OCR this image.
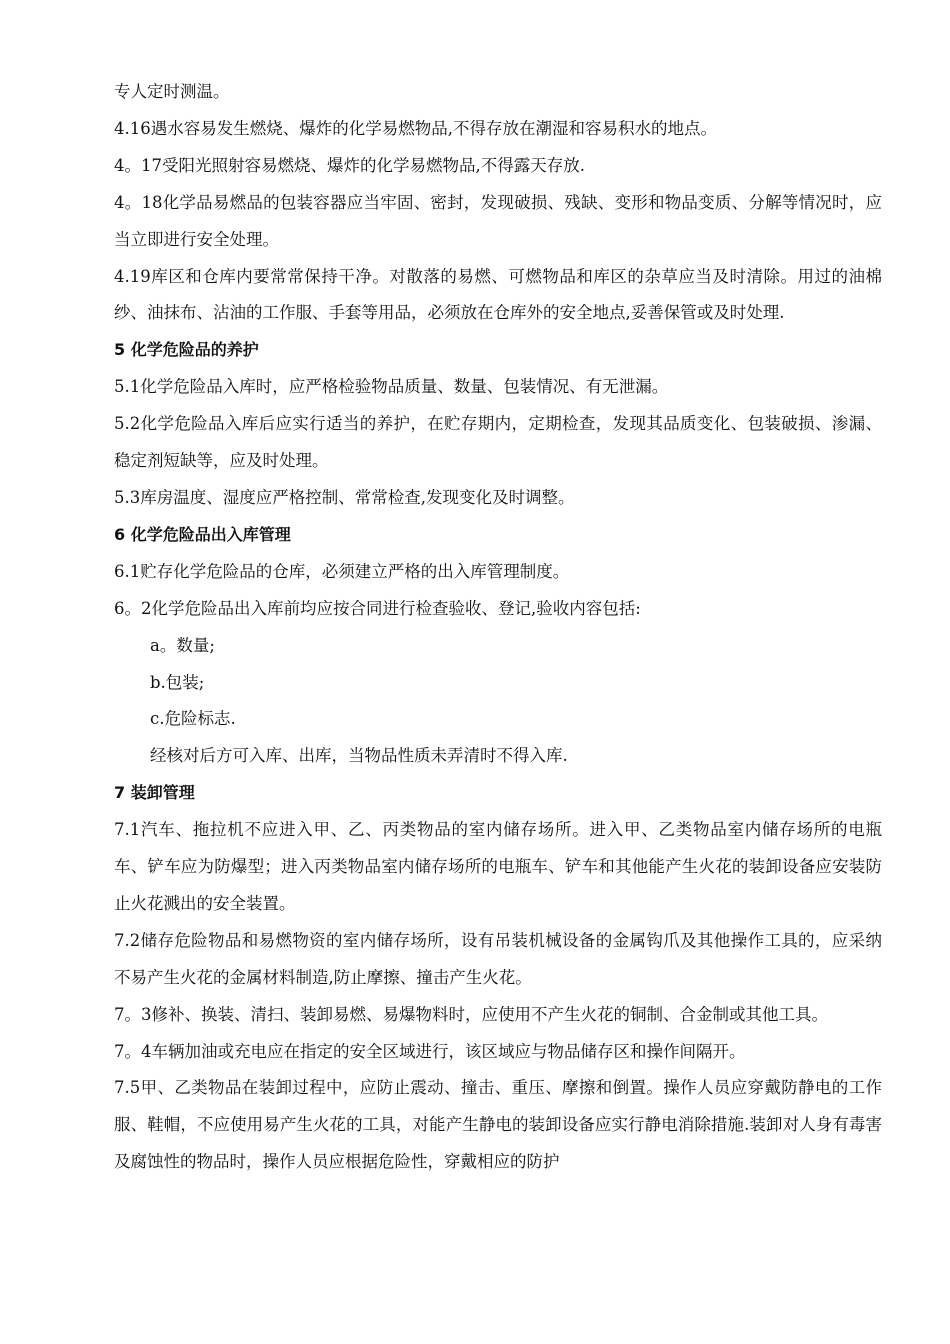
专人定时测温。

4.16遇水容易发生燃烧、爆炸的化学易燃物品,不得存放在潮湿和容易积水的地点。

4。17受阳光照射容易燃烧、爆炸的化学易燃物品,不得露天存放.

4。18化学品易燃品的包装容器应当牢固、密封，发现破损、残缺、变形和物品变质、分解等情况时，应当立即进行安全处理。

4.19库区和仓库内要常常保持干净。对散落的易燃、可燃物品和库区的杂草应当及时清除。用过的油棉纱、油抹布、沾油的工作服、手套等用品，必须放在仓库外的安全地点,妥善保管或及时处理.

5 化学危险品的养护

5.1化学危险品入库时，应严格检验物品质量、数量、包装情况、有无泄漏。

5.2化学危险品入库后应实行适当的养护，在贮存期内，定期检查，发现其品质变化、包装破损、渗漏、稳定剂短缺等，应及时处理。

5.3库房温度、湿度应严格控制、常常检查,发现变化及时调整。

6 化学危险品出入库管理

6.1贮存化学危险品的仓库，必须建立严格的出入库管理制度。

6。2化学危险品出入库前均应按合同进行检查验收、登记,验收内容包括:

a。数量;

b.包装;

c.危险标志.

经核对后方可入库、出库，当物品性质未弄清时不得入库.

7 装卸管理

7.1汽车、拖拉机不应进入甲、乙、丙类物品的室内储存场所。进入甲、乙类物品室内储存场所的电瓶车、铲车应为防爆型；进入丙类物品室内储存场所的电瓶车、铲车和其他能产生火花的装卸设备应安装防止火花溅出的安全装置。

7.2储存危险物品和易燃物资的室内储存场所，设有吊装机械设备的金属钩爪及其他操作工具的，应采纳不易产生火花的金属材料制造,防止摩擦、撞击产生火花。

7。3修补、换装、清扫、装卸易燃、易爆物料时，应使用不产生火花的铜制、合金制或其他工具。

7。4车辆加油或充电应在指定的安全区域进行，该区域应与物品储存区和操作间隔开。

7.5甲、乙类物品在装卸过程中，应防止震动、撞击、重压、摩擦和倒置。操作人员应穿戴防静电的工作服、鞋帽，不应使用易产生火花的工具，对能产生静电的装卸设备应实行静电消除措施.装卸对人身有毒害及腐蚀性的物品时，操作人员应根据危险性，穿戴相应的防护
